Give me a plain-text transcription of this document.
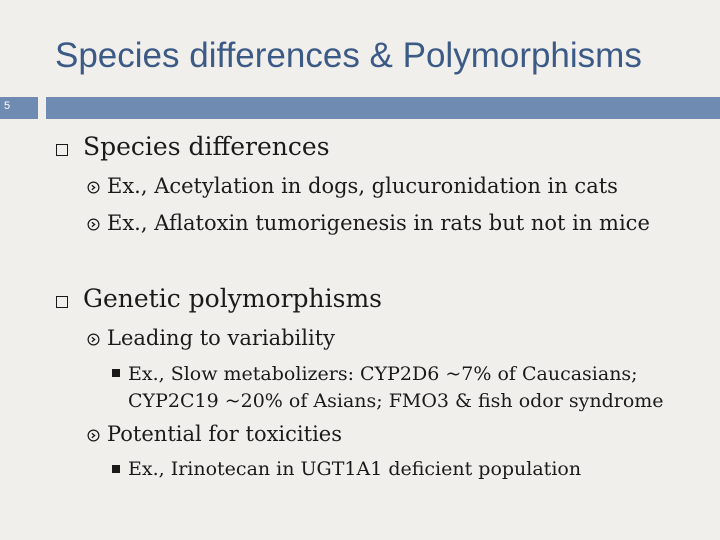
Species differences & Polymorphisms
5
Species differences
Ex., Acetylation in dogs, glucuronidation in cats
Ex., Aflatoxin tumorigenesis in rats but not in mice
Genetic polymorphisms
Leading to variability
Ex., Slow metabolizers: CYP2D6 ~7% of Caucasians;
CYP2C19 ~20% of Asians; FMO3 & fish odor syndrome
Potential for toxicities
Ex., Irinotecan in UGT1A1 deficient population
